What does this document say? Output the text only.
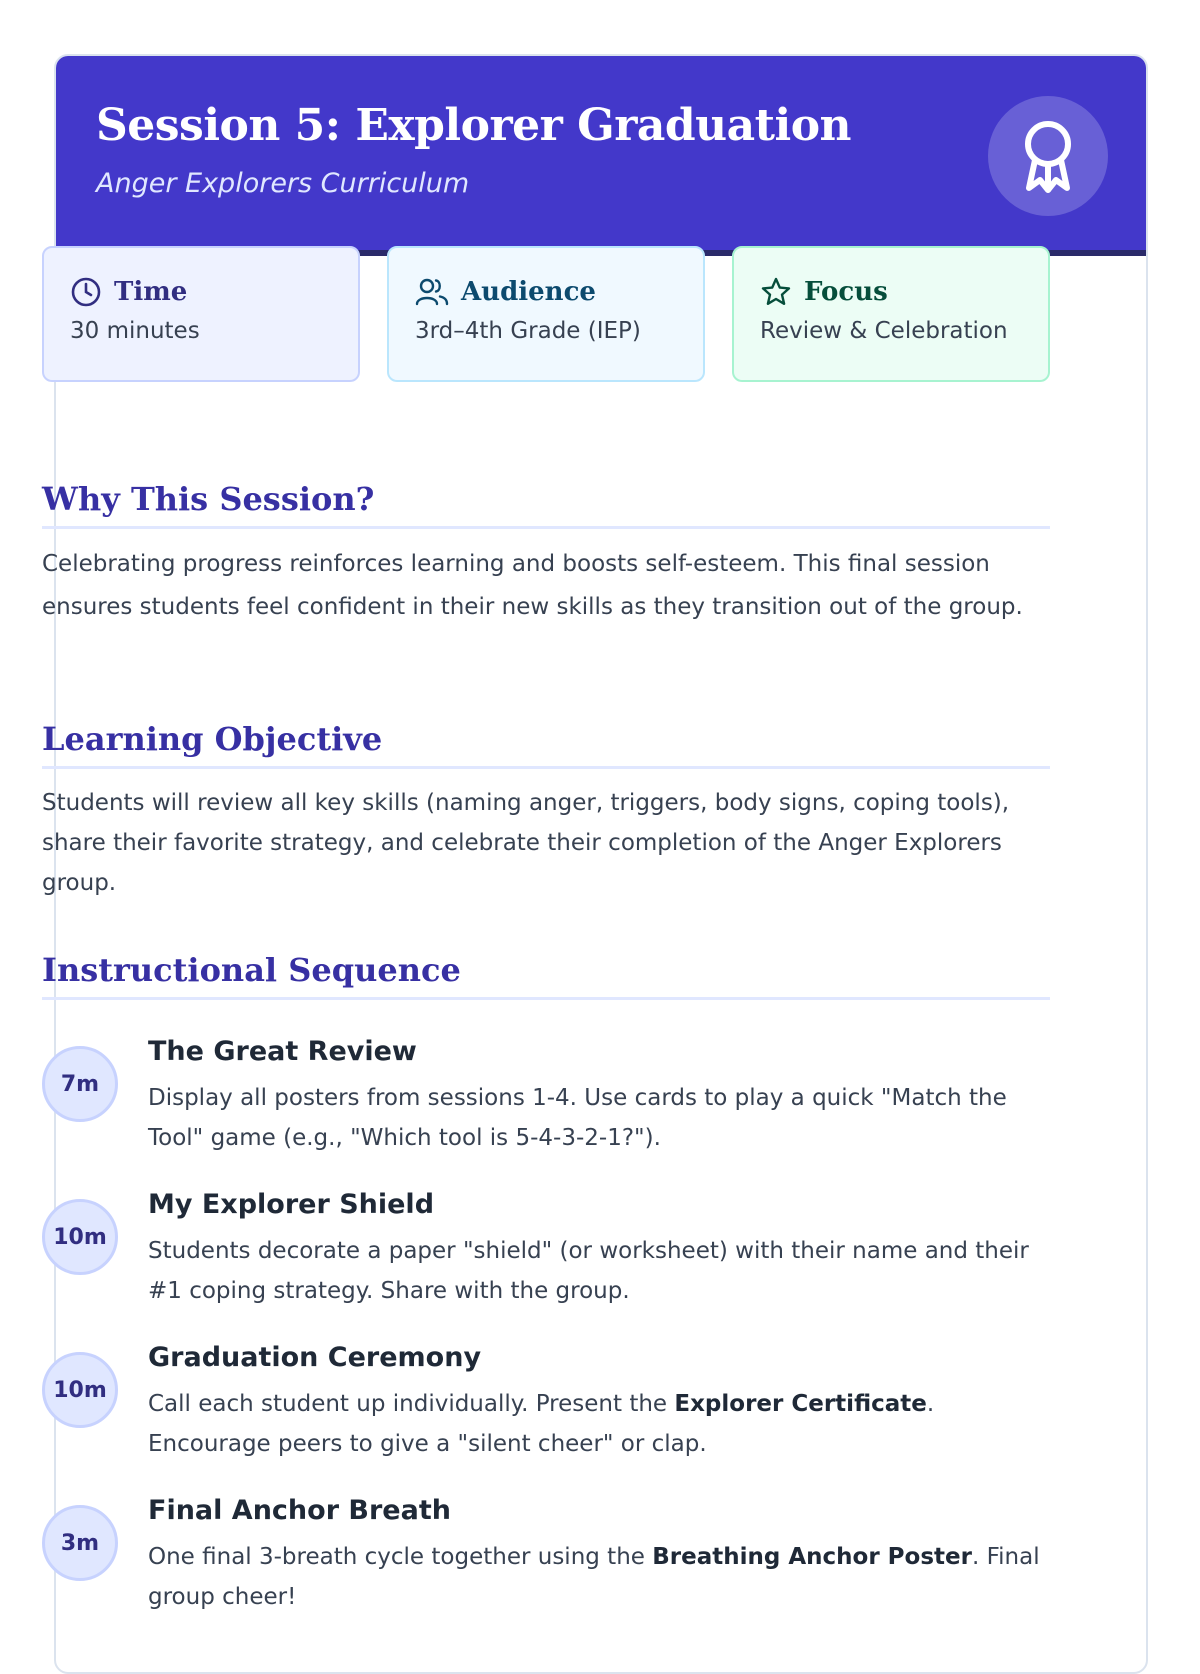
Session 5: Explorer Graduation
Anger Explorers Curriculum
Time
30 minutes
Audience
3rd–4th Grade (IEP)
Focus
Review & Celebration
Why This Session?

Celebrating progress reinforces learning and boosts self-esteem. This final session ensures students feel confident in their new skills as they transition out of the group.

Learning Objective

Students will review all key skills (naming anger, triggers, body signs, coping tools), share their favorite strategy, and celebrate their completion of the Anger Explorers group.

Instructional Sequence
7m
The Great Review
Display all posters from sessions 1-4. Use cards to play a quick "Match the Tool" game (e.g., "Which tool is 5-4-3-2-1?").
10m
My Explorer Shield
Students decorate a paper "shield" (or worksheet) with their name and their #1 coping strategy. Share with the group.
10m
Graduation Ceremony
Call each student up individually. Present the Explorer Certificate. Encourage peers to give a "silent cheer" or clap.
3m
Final Anchor Breath
One final 3-breath cycle together using the Breathing Anchor Poster. Final group cheer!
